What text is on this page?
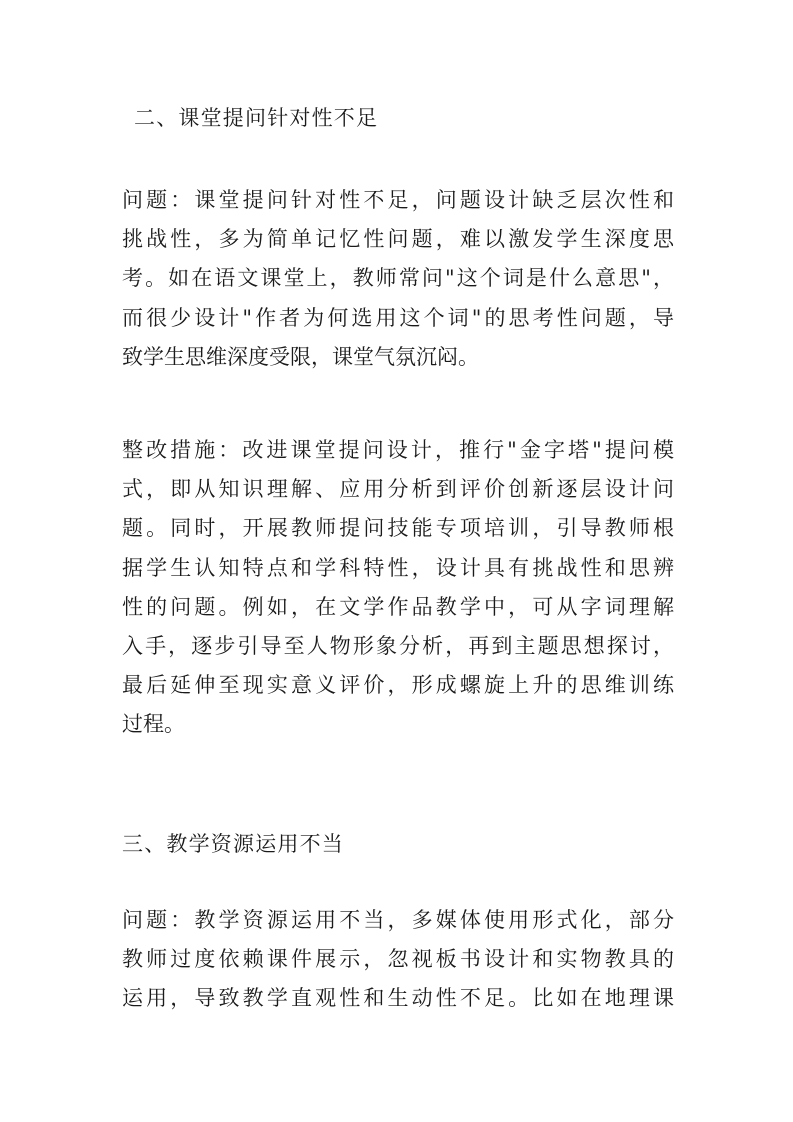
二、课堂提问针对性不足
问题：课堂提问针对性不足，问题设计缺乏层次性和
挑战性，多为简单记忆性问题，难以激发学生深度思
考。如在语文课堂上，教师常问"这个词是什么意思"，
而很少设计"作者为何选用这个词"的思考性问题，导
致学生思维深度受限，课堂气氛沉闷。
整改措施：改进课堂提问设计，推行"金字塔"提问模
式，即从知识理解、应用分析到评价创新逐层设计问
题。同时，开展教师提问技能专项培训，引导教师根
据学生认知特点和学科特性，设计具有挑战性和思辨
性的问题。例如，在文学作品教学中，可从字词理解
入手，逐步引导至人物形象分析，再到主题思想探讨，
最后延伸至现实意义评价，形成螺旋上升的思维训练
过程。
三、教学资源运用不当
问题：教学资源运用不当，多媒体使用形式化，部分
教师过度依赖课件展示，忽视板书设计和实物教具的
运用，导致教学直观性和生动性不足。比如在地理课
